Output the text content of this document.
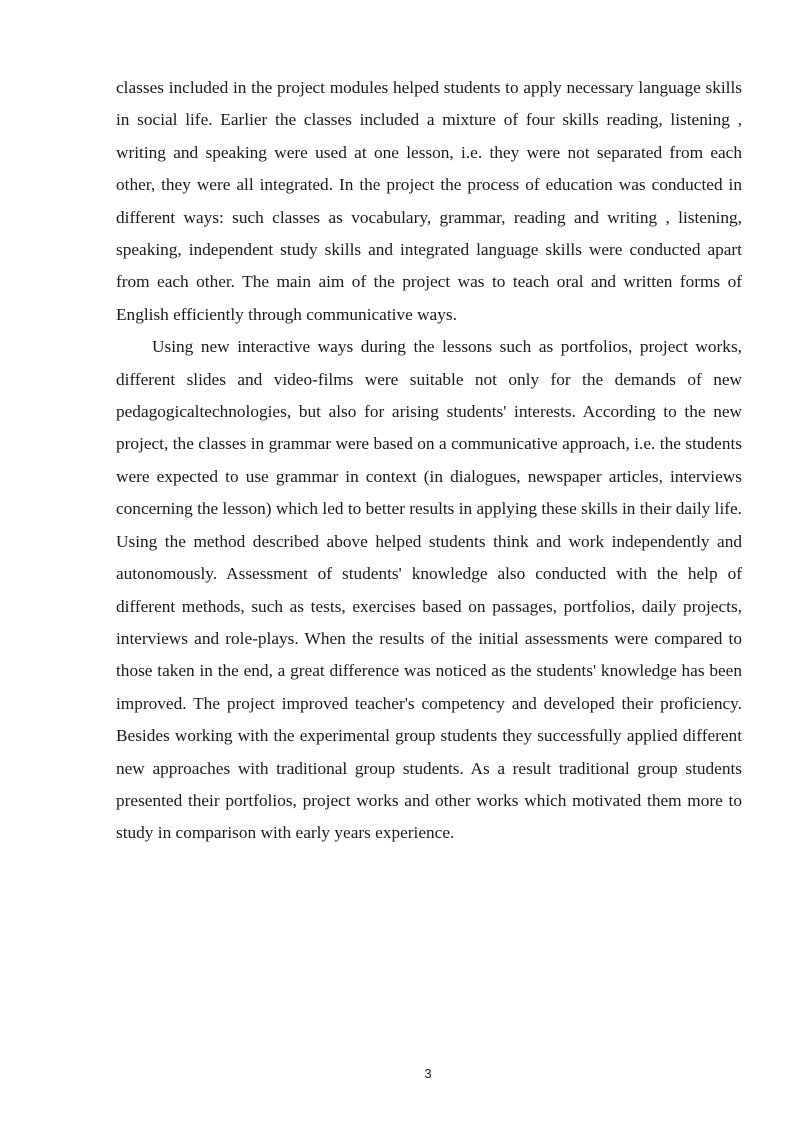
classes included in the project modules helped students to apply necessary language skills in social life. Earlier the classes included a mixture of four skills reading, listening , writing and speaking were used at one lesson, i.e. they were not separated from each other, they were all integrated. In the project the process of education was conducted in different ways: such classes as vocabulary, grammar, reading and writing , listening, speaking, independent study skills and integrated language skills were conducted apart from each other. The main aim of the project was to teach oral and written forms of English efficiently through communicative ways.

Using new interactive ways during the lessons such as portfolios, project works, different slides and video-films were suitable not only for the demands of new pedagogicaltechnologies, but also for arising students' interests. According to the new project, the classes in grammar were based on a communicative approach, i.e. the students were expected to use grammar in context (in dialogues, newspaper articles, interviews concerning the lesson) which led to better results in applying these skills in their daily life. Using the method described above helped students think and work independently and autonomously. Assessment of students' knowledge also conducted with the help of different methods, such as tests, exercises based on passages, portfolios, daily projects, interviews and role-plays. When the results of the initial assessments were compared to those taken in the end, a great difference was noticed as the students' knowledge has been improved. The project improved teacher's competency and developed their proficiency. Besides working with the experimental group students they successfully applied different new approaches with traditional group students. As a result traditional group students presented their portfolios, project works and other works which motivated them more to study in comparison with early years experience.

3
